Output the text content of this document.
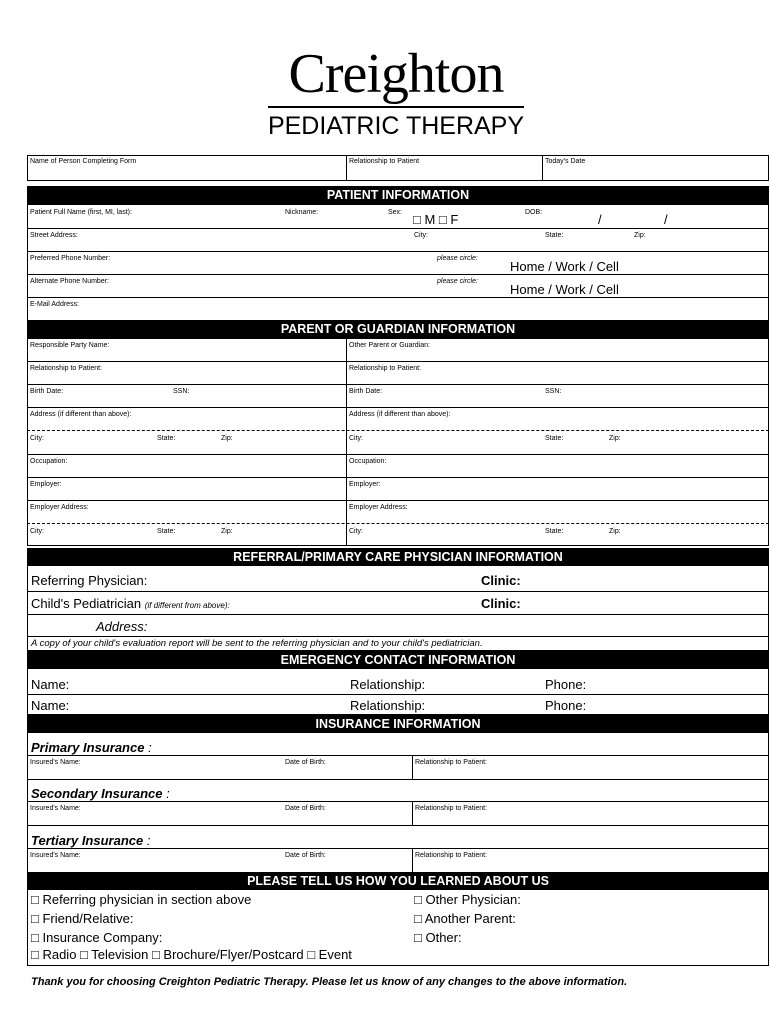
Creighton
PEDIATRIC THERAPY
Name of Person Completing Form	Relationship to Patient	Today's Date
PATIENT INFORMATION
Patient Full Name (first, MI, last):	Nickname:	Sex: □ M □ F	DOB:	/	/
Street Address:	City:	State:	Zip:
Preferred Phone Number:	please circle:
Home / Work / Cell
Alternate Phone Number:	please circle:
Home / Work / Cell
E-Mail Address:
PARENT OR GUARDIAN INFORMATION
Responsible Party Name:	Other Parent or Guardian:
Relationship to Patient:	Relationship to Patient:
Birth Date:	SSN:	Birth Date:	SSN:
Address (if different than above):	Address (if different than above):
City:	State:	Zip:	City:	State:	Zip:
Occupation:	Occupation:
Employer:	Employer:
Employer Address:	Employer Address:
City:	State:	Zip:	City:	State:	Zip:
REFERRAL/PRIMARY CARE PHYSICIAN INFORMATION
Referring Physician:	Clinic:
Child's Pediatrician (if different from above):	Clinic:
Address:
A copy of your child's evaluation report will be sent to the referring physician and to your child's pediatrician.
EMERGENCY CONTACT INFORMATION
Name:	Relationship:	Phone:
Name:	Relationship:	Phone:
INSURANCE INFORMATION
Primary Insurance :
Insured's Name:	Date of Birth:	Relationship to Patient:
Secondary Insurance :
Insured's Name:	Date of Birth:	Relationship to Patient:
Tertiary Insurance :
Insured's Name:	Date of Birth:	Relationship to Patient:
PLEASE TELL US HOW YOU LEARNED ABOUT US
□ Referring physician in section above	□ Other Physician:
□ Friend/Relative:	□ Another Parent:
□ Insurance Company:	□ Other:
□ Radio □ Television □ Brochure/Flyer/Postcard □ Event
Thank you for choosing Creighton Pediatric Therapy. Please let us know of any changes to the above information.
